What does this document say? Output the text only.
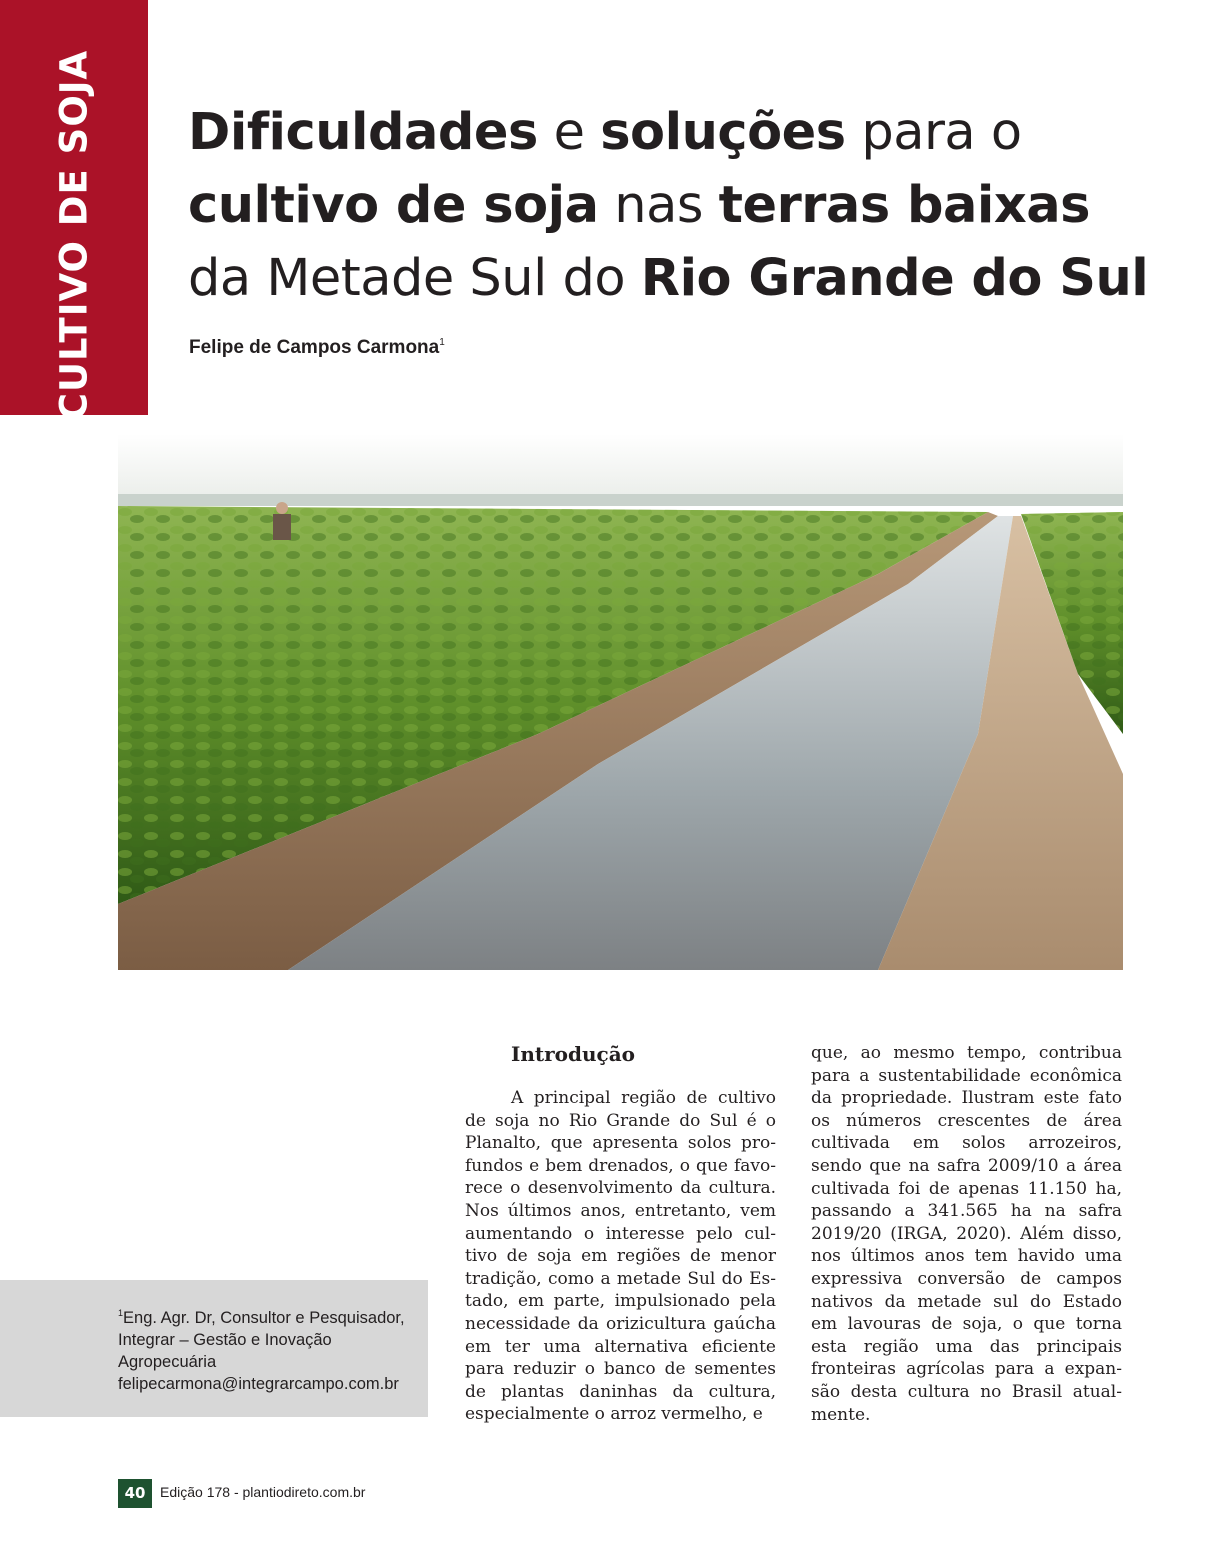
CULTIVO DE SOJA Dificuldades e soluções para o
cultivo de soja nas terras baixas
da Metade Sul do Rio Grande do Sul
Felipe de Campos Carmona$^1$
$^1$Eng. Agr. Dr, Consultor e Pesquisador,
Integrar – Gestão e Inovação
Agropecuária
felipecarmona@integrarcampo.com.br
Introdução

A principal região de cultivo de soja no Rio Grande do Sul é o Planalto, que apresenta solos profundos e bem drenados, o que favorece o desenvolvimento da cultura. Nos últimos anos, entretanto, vem aumentando o interesse pelo cultivo de soja em regiões de menor tradição, como a metade Sul do Estado, em parte, impulsionado pela necessidade da orizicultura gaúcha em ter uma alternativa eficiente para reduzir o banco de sementes de plantas daninhas da cultura, especialmente o arroz vermelho, e

que, ao mesmo tempo, contribua para a sustentabilidade econômica da propriedade. Ilustram este fato os números crescentes de área cultivada em solos arrozeiros, sendo que na safra 2009/10 a área cultivada foi de apenas 11.150 ha, passando a 341.565 ha na safra 2019/20 (IRGA, 2020). Além disso, nos últimos anos tem havido uma expressiva conversão de campos nativos da metade sul do Estado em lavouras de soja, o que torna esta região uma das principais fronteiras agrícolas para a expansão desta cultura no Brasil atualmente.

40	Edição 178 - plantiodireto.com.br
